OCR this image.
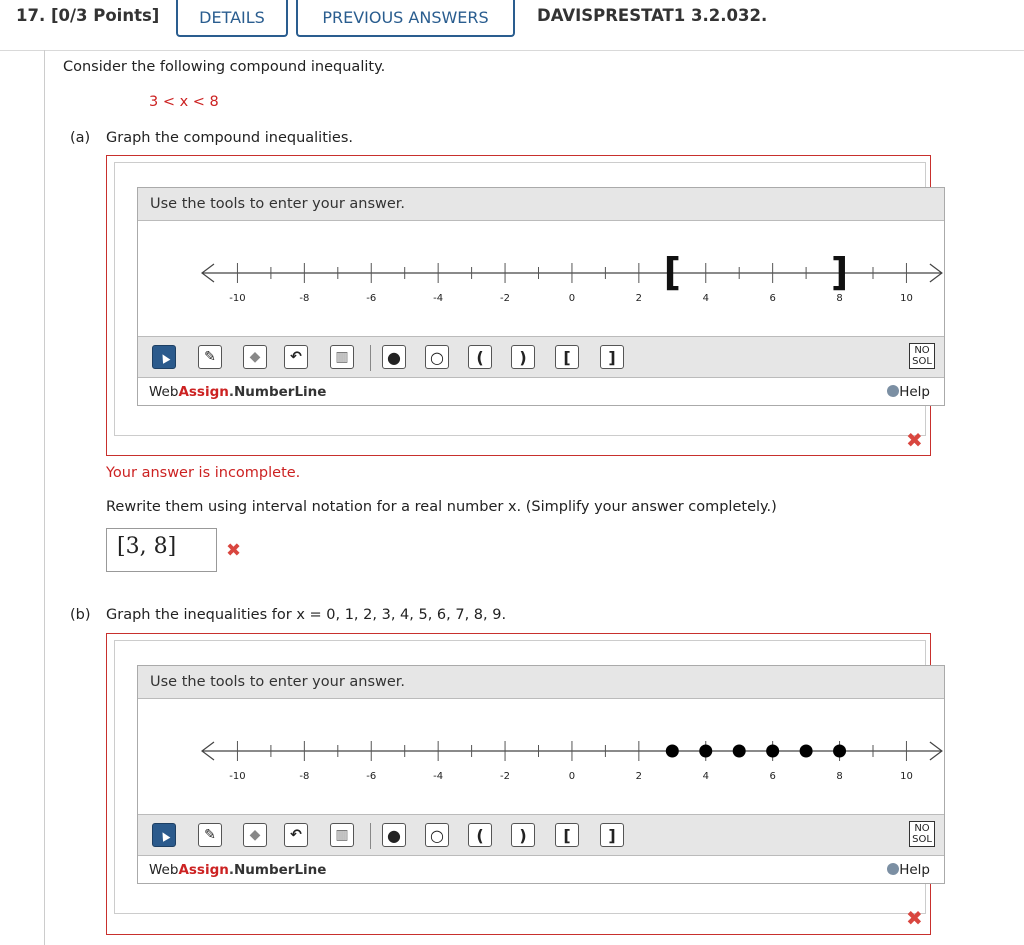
17. [0/3 Points]	DETAILS	PREVIOUS ANSWERS	DAVISPRESTAT1 3.2.032.
Consider the following compound inequality.
3 < x < 8
(a) Graph the compound inequalities.
Use the tools to enter your answer.
-10	-8	-6	-4	-2	0	2	4	6	8	10
[	]
▲ ✎ ◆ ↶ ▥ ● ○ ( ) [ ]	NO
SOL
WebAssign.NumberLine	Help
✖
Your answer is incomplete.
Rewrite them using interval notation for a real number x. (Simplify your answer completely.)
[3, 8]	✖
(b) Graph the inequalities for x = 0, 1, 2, 3, 4, 5, 6, 7, 8, 9.
Use the tools to enter your answer.
-10	-8	-6	-4	-2	0	2	4	6	8	10
▲ ✎ ◆ ↶ ▥ ● ○ ( ) [ ]	NO
SOL
WebAssign.NumberLine	Help
✖
